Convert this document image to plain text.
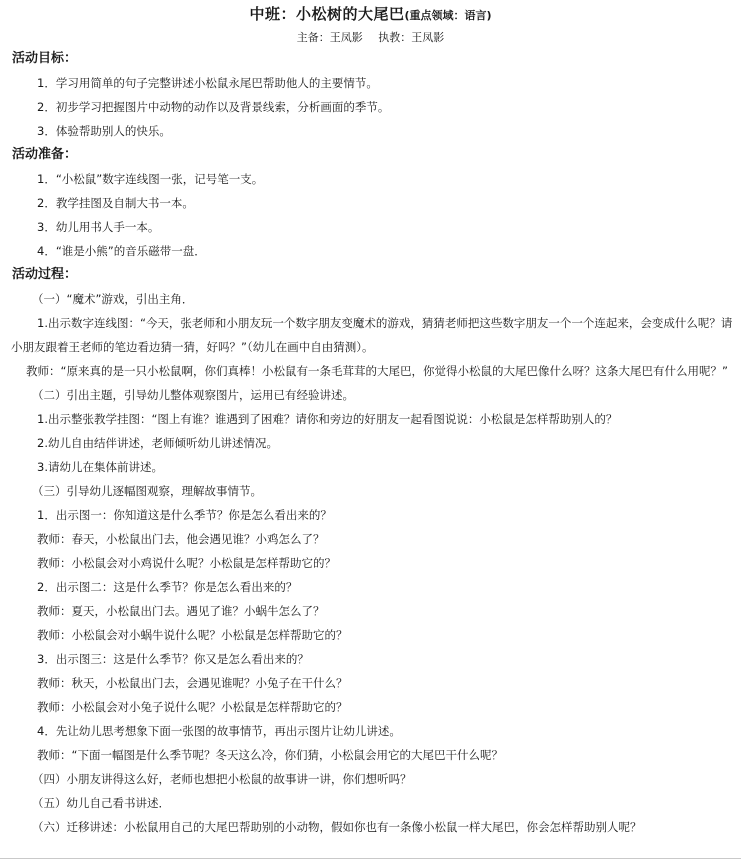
中班：小松树的大尾巴(重点领域：语言)
主备：王凤影 执教：王凤影
活动目标：
1．学习用简单的句子完整讲述小松鼠永尾巴帮助他人的主要情节。
2．初步学习把握图片中动物的动作以及背景线索，分析画面的季节。
3．体验帮助别人的快乐。
活动准备：
1．“小松鼠”数字连线图一张，记号笔一支。
2．教学挂图及自制大书一本。
3．幼儿用书人手一本。
4．“谁是小熊”的音乐磁带一盘．
活动过程：
（一）“魔术”游戏，引出主角．
1.出示数字连线图：“今天，张老师和小朋友玩一个数字朋友变魔术的游戏，猜猜老师把这些数字朋友一个一个连起来，会变成什么呢？请小朋友跟着王老师的笔边看边猜一猜，好吗？”（幼儿在画中自由猜测）。
教师：“原来真的是一只小松鼠啊，你们真棒！小松鼠有一条毛茸茸的大尾巴，你觉得小松鼠的大尾巴像什么呀？这条大尾巴有什么用呢？”
（二）引出主题，引导幼儿整体观察图片，运用已有经验讲述。
1.出示整张教学挂图：“图上有谁？谁遇到了困难？请你和旁边的好朋友一起看图说说：小松鼠是怎样帮助别人的？
2.幼儿自由结伴讲述，老师倾听幼儿讲述情况。
3.请幼儿在集体前讲述。
（三）引导幼儿逐幅图观察，理解故事情节。
1．出示图一：你知道这是什么季节？你是怎么看出来的？
教师：春天，小松鼠出门去，他会遇见谁？小鸡怎么了？
教师：小松鼠会对小鸡说什么呢？小松鼠是怎样帮助它的？
2．出示图二：这是什么季节？你是怎么看出来的？
教师：夏天，小松鼠出门去。遇见了谁？小蜗牛怎么了？
教师：小松鼠会对小蜗牛说什么呢？小松鼠是怎样帮助它的？
3．出示图三：这是什么季节？你又是怎么看出来的？
教师：秋天，小松鼠出门去，会遇见谁呢？小兔子在干什么？
教师：小松鼠会对小兔子说什么呢？小松鼠是怎样帮助它的？
4．先让幼儿思考想象下面一张图的故事情节，再出示图片让幼儿讲述。
教师：“下面一幅图是什么季节呢？冬天这么冷，你们猜，小松鼠会用它的大尾巴干什么呢？
（四）小朋友讲得这么好，老师也想把小松鼠的故事讲一讲，你们想听吗？
（五）幼儿自己看书讲述．
（六）迁移讲述：小松鼠用自己的大尾巴帮助别的小动物，假如你也有一条像小松鼠一样大尾巴，你会怎样帮助别人呢？
